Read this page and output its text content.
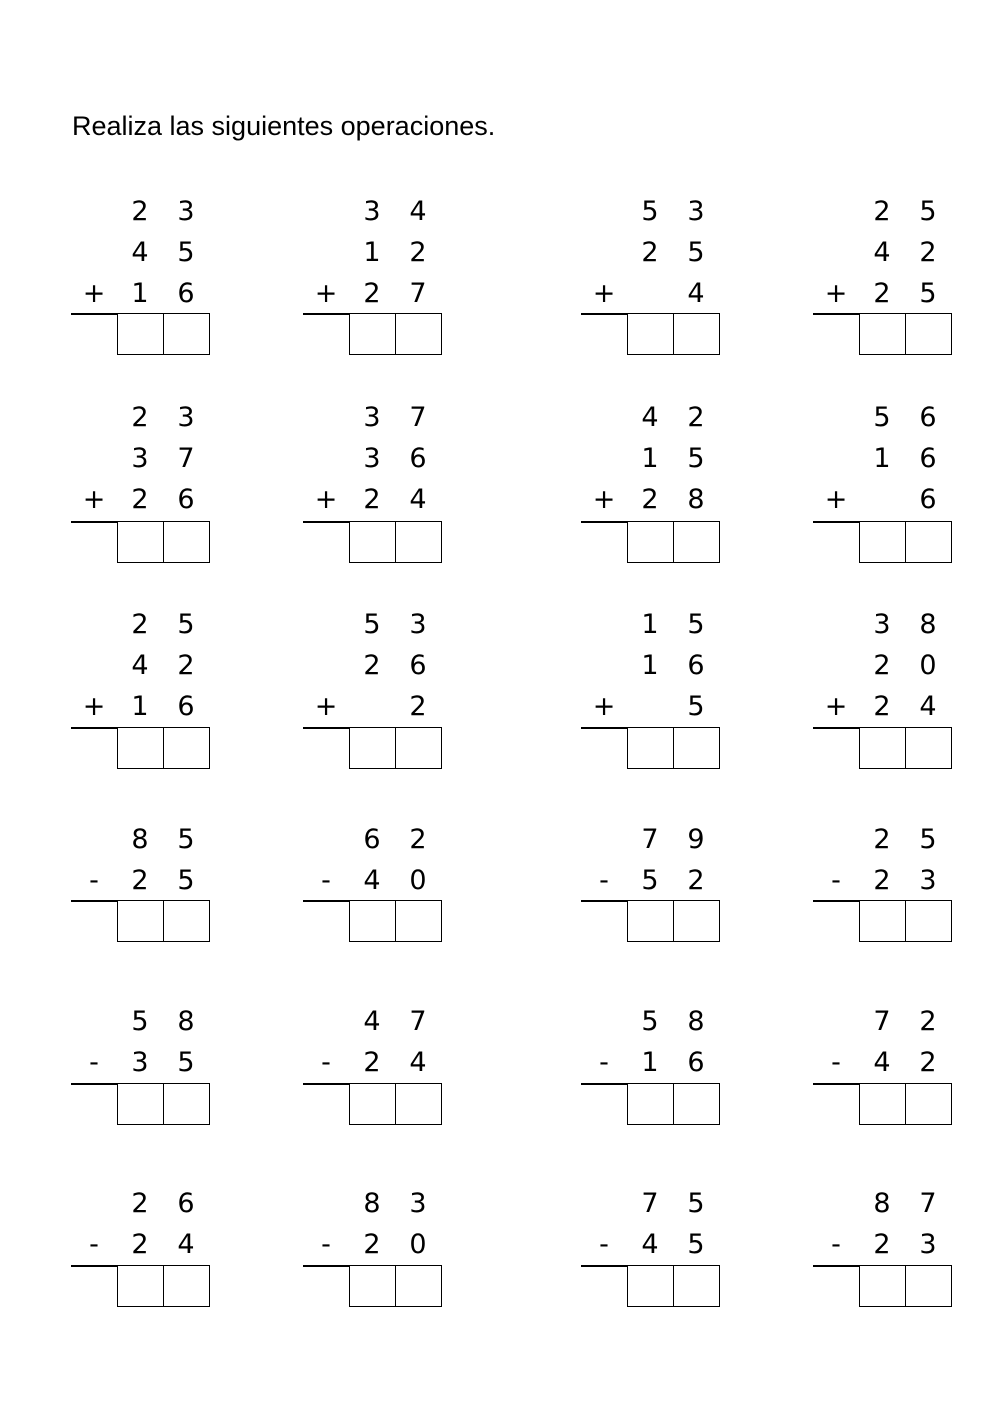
Realiza las siguientes operaciones.
2 3
4 5
+ 1 6
3 4
1 2
+ 2 7
5 3
2 5
+	4
2 5
4 2
+ 2 5
2 3
3 7
+ 2 6
3 7
3 6
+ 2 4
4 2
1 5
+ 2 8
5 6
1 6
+	6
2 5
4 2
+ 1 6
5 3
2 6
+	2
1 5
1 6
+	5
3 8
2 0
+ 2 4
8 5
-	2 5
6 2
-	4 0
7 9
-	5 2
2 5
-	2 3
5 8
-	3 5
4 7
-	2 4
5 8
-	1 6
7 2
-	4 2
2 6
-	2 4
8 3
-	2 0
7 5
-	4 5
8 7
-	2 3
